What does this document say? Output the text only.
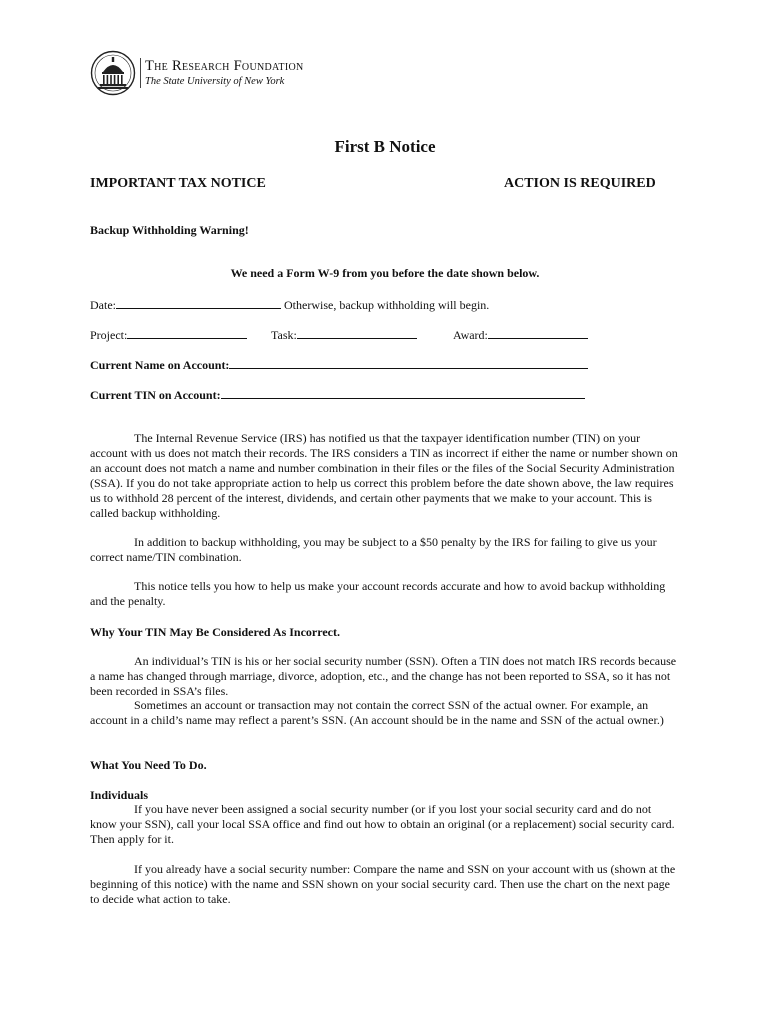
The Research Foundation
The State University of New York
First B Notice
IMPORTANT TAX NOTICE	ACTION IS REQUIRED
Backup Withholding Warning!
We need a Form W-9 from you before the date shown below.
Date:	Otherwise, backup withholding will begin.
Project:	Task:	Award:
Current Name on Account:
Current TIN on Account:

The Internal Revenue Service (IRS) has notified us that the taxpayer identification number (TIN) on your account with us does not match their records. The IRS considers a TIN as incorrect if either the name or number shown on an account does not match a name and number combination in their files or the files of the Social Security Administration (SSA). If you do not take appropriate action to help us correct this problem before the date shown above, the law requires us to withhold 28 percent of the interest, dividends, and certain other payments that we make to your account. This is called backup withholding.

In addition to backup withholding, you may be subject to a $50 penalty by the IRS for failing to give us your correct name/TIN combination.

This notice tells you how to help us make your account records accurate and how to avoid backup withholding and the penalty.

Why Your TIN May Be Considered As Incorrect.

An individual’s TIN is his or her social security number (SSN). Often a TIN does not match IRS records because a name has changed through marriage, divorce, adoption, etc., and the change has not been reported to SSA, so it has not been recorded in SSA’s files.

Sometimes an account or transaction may not contain the correct SSN of the actual owner. For example, an account in a child’s name may reflect a parent’s SSN. (An account should be in the name and SSN of the actual owner.)

What You Need To Do.
Individuals

If you have never been assigned a social security number (or if you lost your social security card and do not know your SSN), call your local SSA office and find out how to obtain an original (or a replacement) social security card. Then apply for it.

If you already have a social security number: Compare the name and SSN on your account with us (shown at the beginning of this notice) with the name and SSN shown on your social security card. Then use the chart on the next page to decide what action to take.
